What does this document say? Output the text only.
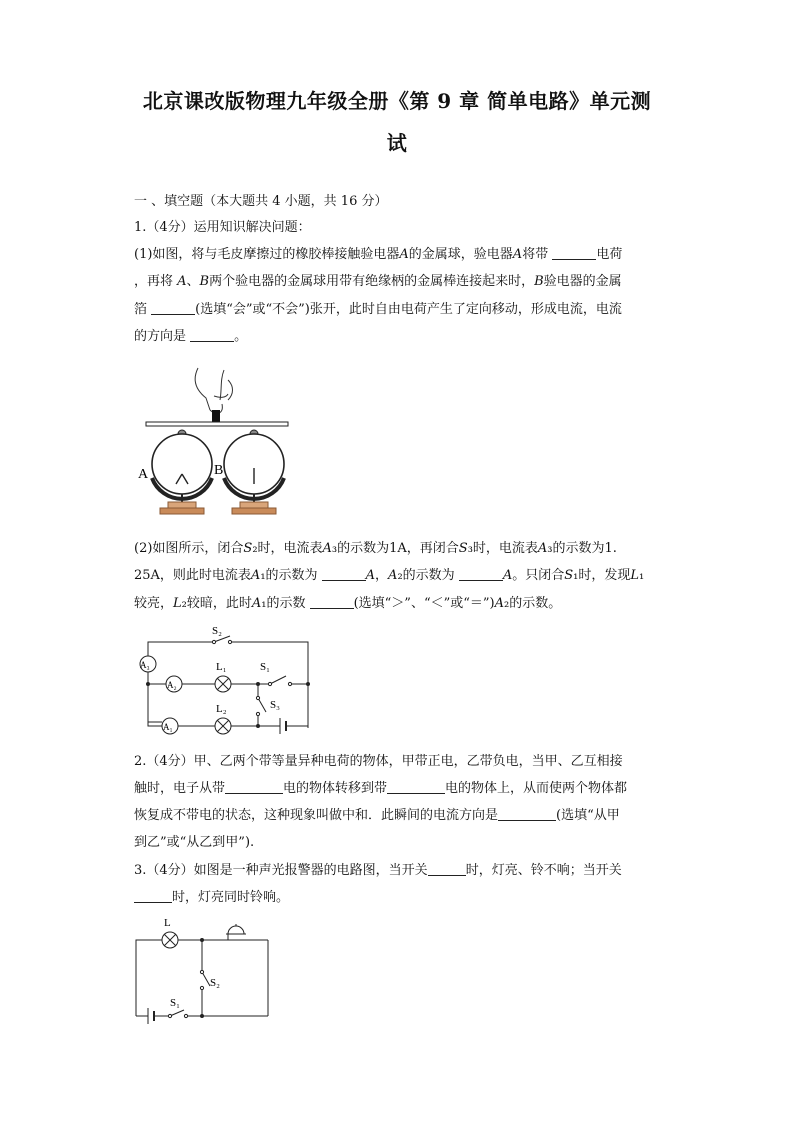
北京课改版物理九年级全册《第 9 章 简单电路》单元测
试
一 、填空题（本大题共 4 小题，共 16 分）
1.（4分）运用知识解决问题：
(1)如图，将与毛皮摩擦过的橡胶棒接触验电器𝐴的金属球，验电器𝐴将带	电荷
，再将 𝐴、𝐵两个验电器的金属球用带有绝缘柄的金属棒连接起来时，𝐵验电器的金属
箔	(选填“会”或“不会”)张开，此时自由电荷产生了定向移动，形成电流，电流
的方向是	。
A	B
(2)如图所示，闭合𝑆₂时，电流表𝐴₃的示数为1A，再闭合𝑆₃时，电流表𝐴₃的示数为1.
25A，则此时电流表𝐴₁的示数为	𝐴，𝐴₂的示数为	𝐴。只闭合𝑆₁时，发现𝐿₁
较亮，𝐿₂较暗，此时𝐴₁的示数	(选填“＞”、“＜”或“＝”)𝐴₂的示数。
A₃
A₂
A₁
S₂
L₁	S₁
L₂	S₃
2.（4分）甲、乙两个带等量异种电荷的物体，甲带正电，乙带负电，当甲、乙互相接
触时，电子从带	电的物体转移到带	电的物体上，从而使两个物体都
恢复成不带电的状态，这种现象叫做中和．此瞬间的电流方向是	(选填“从甲
到乙”或“从乙到甲”).
3.（4分）如图是一种声光报警器的电路图，当开关	时，灯亮、铃不响；当开关
时，灯亮同时铃响。
L
S₂
S₁
